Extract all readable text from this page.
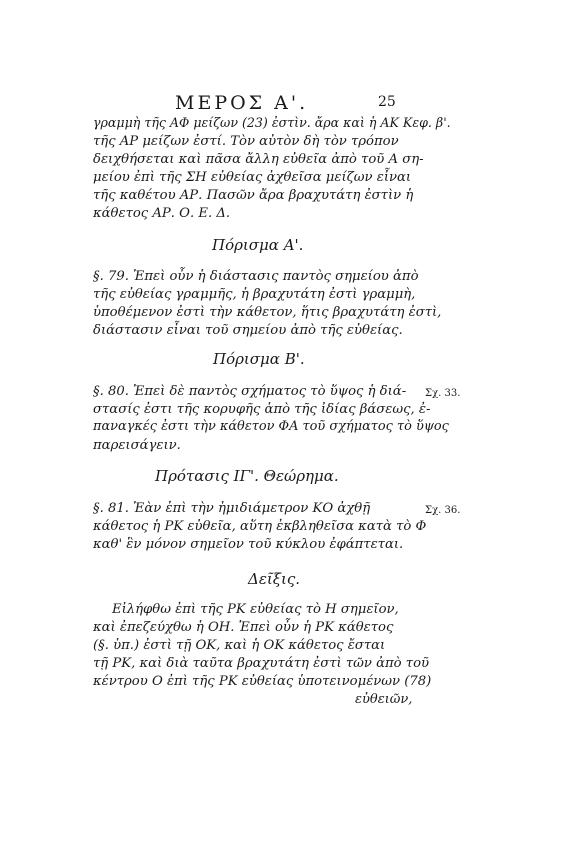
ΜΕΡΟΣ Α'.	25
γραμμὴ τῆς ΑΦ μείζων (23) ἐστὶν. ἄρα καὶ ἡ ΑΚ Κεφ. β'.
τῆς ΑΡ μείζων ἐστί. Τὸν αὐτὸν δὴ τὸν τρόπον
δειχθήσεται καὶ πᾶσα ἄλλη εὐθεῖα ἀπὸ τοῦ Α ση-
μείου ἐπὶ τῆς ΣΗ εὐθείας ἀχθεῖσα μείζων εἶναι
τῆς καθέτου ΑΡ. Πασῶν ἄρα βραχυτάτη ἐστὶν ἡ
κάθετος ΑΡ. Ο. Ε. Δ.
Πόρισμα Α'.
§. 79. Ἐπεὶ οὖν ἡ διάστασις παντὸς σημείου ἀπὸ
τῆς εὐθείας γραμμῆς, ἡ βραχυτάτη ἐστὶ γραμμὴ,
ὑποθέμενον ἐστὶ τὴν κάθετον, ἥτις βραχυτάτη ἐστὶ,
διάστασιν εἶναι τοῦ σημείου ἀπὸ τῆς εὐθείας.
Πόρισμα Β'.
§. 80. Ἐπεὶ δὲ παντὸς σχήματος τὸ ὕψος ἡ διά-
στασίς ἐστι τῆς κορυφῆς ἀπὸ τῆς ἰδίας βάσεως, ἐ-
παναγκές ἐστι τὴν κάθετον ΦΑ τοῦ σχήματος τὸ ὕψος
παρεισάγειν.
Σχ. 33.
Πρότασις ΙΓ'. Θεώρημα.
§. 81. Ἐὰν ἐπὶ τὴν ἡμιδιάμετρον ΚΟ ἀχθῇ
κάθετος ἡ ΡΚ εὐθεῖα, αὕτη ἐκβληθεῖσα κατὰ τὸ Φ
καθ' ἓν μόνον σημεῖον τοῦ κύκλου ἐφάπτεται.
Σχ. 36.
Δεῖξις.
Εἰλήφθω ἐπὶ τῆς ΡΚ εὐθείας τὸ Η σημεῖον,
καὶ ἐπεζεύχθω ἡ ΟΗ. Ἐπεὶ οὖν ἡ ΡΚ κάθετος
(§. ὑπ.) ἐστὶ τῇ ΟΚ, καὶ ἡ ΟΚ κάθετος ἔσται
τῇ ΡΚ, καὶ διὰ ταῦτα βραχυτάτη ἐστὶ τῶν ἀπὸ τοῦ
κέντρου Ο ἐπὶ τῆς ΡΚ εὐθείας ὑποτεινομένων (78)
εὐθειῶν,
